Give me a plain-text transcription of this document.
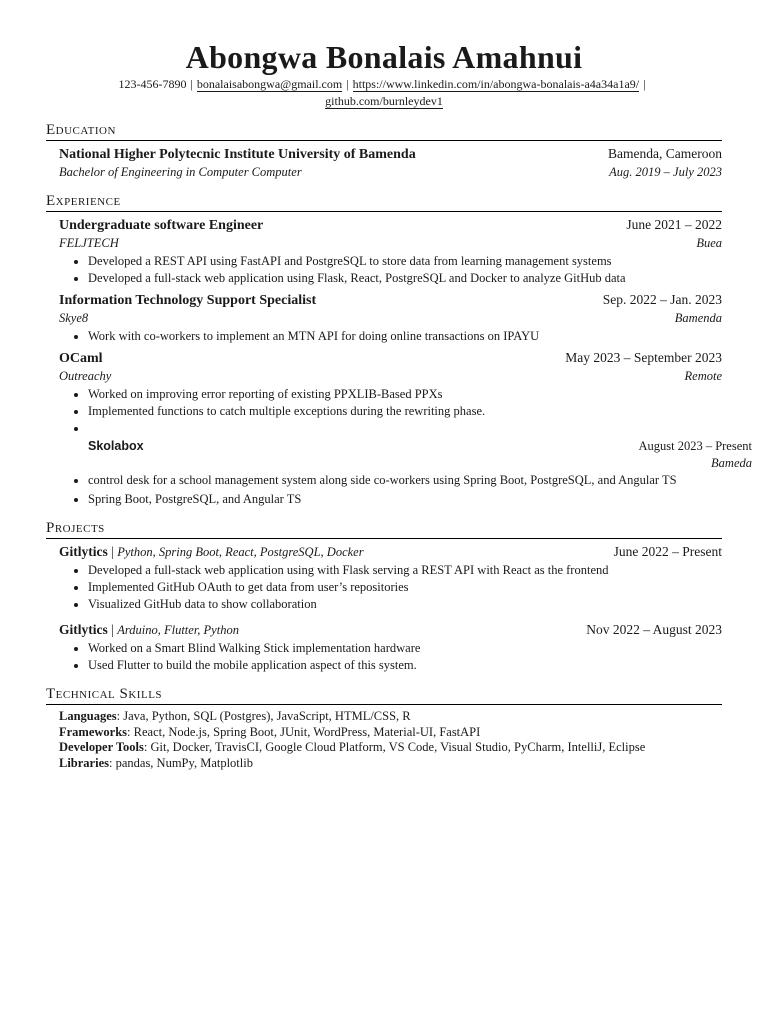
Abongwa Bonalais Amahnui
123-456-7890 | bonalaisabongwa@gmail.com | https://www.linkedin.com/in/abongwa-bonalais-a4a34a1a9/ |
github.com/burnleydev1
Education
National Higher Polytecnic Institute University of Bamenda	Bamenda, Cameroon
Bachelor of Engineering in Computer Computer	Aug. 2019 – July 2023
Experience
Undergraduate software Engineer	June 2021 – 2022
FELJTECH	Buea
• Developed a REST API using FastAPI and PostgreSQL to store data from learning management systems
• Developed a full-stack web application using Flask, React, PostgreSQL and Docker to analyze GitHub data
Information Technology Support Specialist	Sep. 2022 – Jan. 2023
Skye8	Bamenda
• Work with co-workers to implement an MTN API for doing online transactions on IPAYU
OCaml	May 2023 – September 2023
Outreachy	Remote
• Worked on improving error reporting of existing PPXLIB-Based PPXs
• Implemented functions to catch multiple exceptions during the rewriting phase.
•
Skolabox	August 2023 – Present
Bameda
• control desk for a school management system along side co-workers using Spring Boot, PostgreSQL, and Angular TS
• Spring Boot, PostgreSQL, and Angular TS
Projects
Gitlytics | Python, Spring Boot, React, PostgreSQL, Docker	June 2022 – Present
• Developed a full-stack web application using with Flask serving a REST API with React as the frontend
• Implemented GitHub OAuth to get data from user’s repositories
• Visualized GitHub data to show collaboration
Gitlytics | Arduino, Flutter, Python	Nov 2022 – August 2023
• Worked on a Smart Blind Walking Stick implementation hardware
• Used Flutter to build the mobile application aspect of this system.
Technical Skills
Languages: Java, Python, SQL (Postgres), JavaScript, HTML/CSS, R
Frameworks: React, Node.js, Spring Boot, JUnit, WordPress, Material-UI, FastAPI
Developer Tools: Git, Docker, TravisCI, Google Cloud Platform, VS Code, Visual Studio, PyCharm, IntelliJ, Eclipse
Libraries: pandas, NumPy, Matplotlib
